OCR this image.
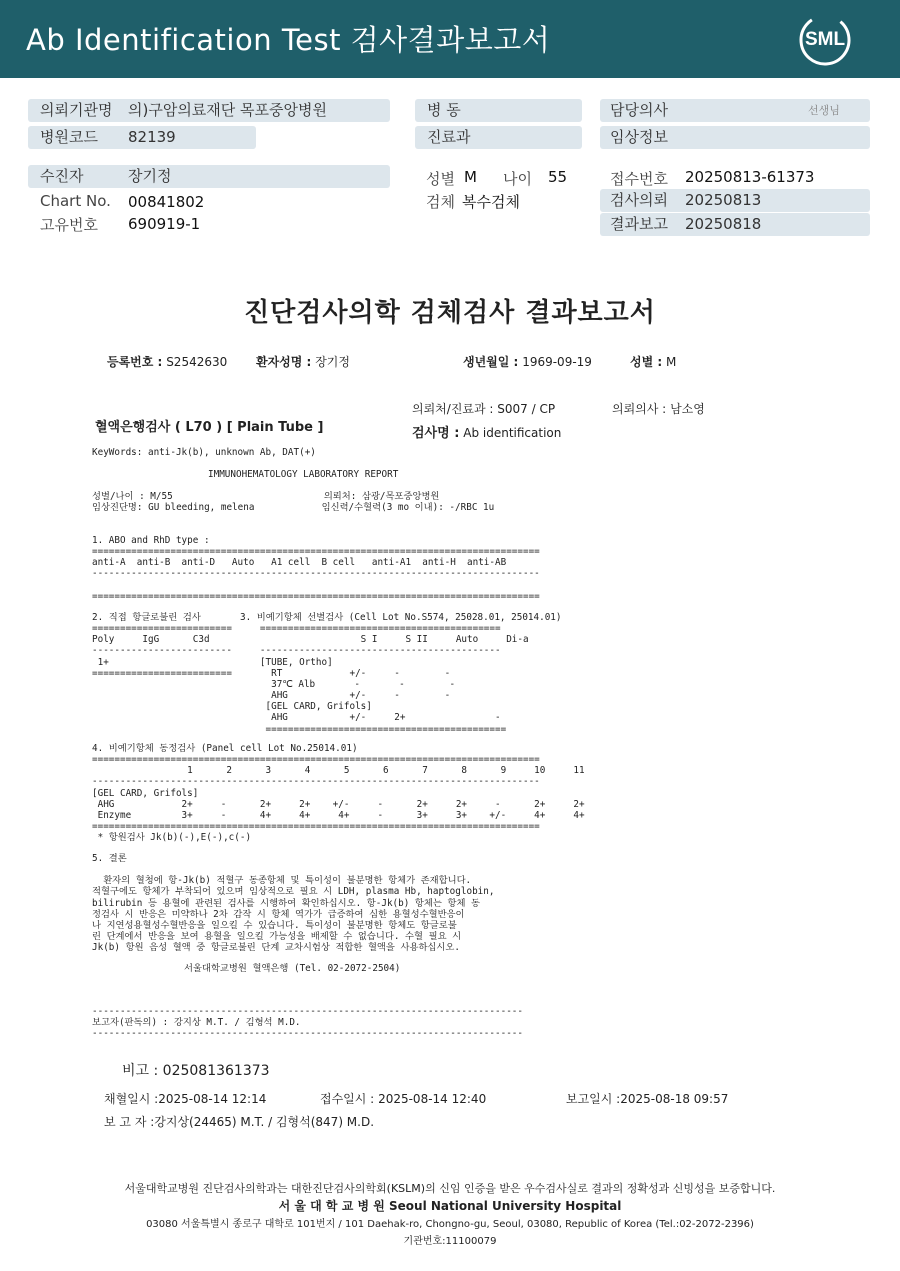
Ab Identification Test 검사결과보고서	SML
의뢰기관명 의)구암의료재단 목포중앙병원	병 동	담당의사	선생님
병원코드 82139	진료과	임상정보
수진자	장기정	성별 M 나이 55	접수번호 20250813-61373
Chart No. 00841802	검체 복수검체	검사의뢰 20250813
고유번호 690919-1	결과보고 20250818
진단검사의학 검체검사 결과보고서
등록번호 : S2542630 환자성명 : 장기정	생년월일 : 1969-09-19	성별 : M
의뢰처/진료과 : S007 / CP	의뢰의사 : 남소영
혈액은행검사 ( L70 ) [ Plain Tube ]	검사명 : Ab identification
KeyWords: anti-Jk(b), unknown Ab, DAT(+)
IMMUNOHEMATOLOGY LABORATORY REPORT
성별/나이 : M/55                           의뢰처: 삼광/목포중앙병원
임상진단명: GU bleeding, melena            임신력/수혈력(3 mo 이내): -/RBC 1u
1. ABO and RhD type :
================================================================================
anti-A  anti-B  anti-D   Auto   A1 cell  B cell   anti-A1  anti-H  anti-AB
--------------------------------------------------------------------------------

================================================================================
2. 직접 항글로불린 검사       3. 비예기항체 선별검사 (Cell Lot No.S574, 25028.01, 25014.01)
=========================     ===========================================
Poly     IgG      C3d                           S I     S II     Auto     Di-a
-------------------------     -------------------------------------------
1+                           [TUBE, Ortho]
=========================       RT            +/-     -        -
37℃ Alb       -       -        -
AHG           +/-     -        -
[GEL CARD, Grifols]
AHG           +/-     2+                -
===========================================
4. 비예기항체 동정검사 (Panel cell Lot No.25014.01)
================================================================================
1      2      3      4      5      6      7      8      9     10     11
--------------------------------------------------------------------------------
[GEL CARD, Grifols]
AHG            2+     -      2+     2+    +/-     -      2+     2+     -      2+     2+
Enzyme         3+     -      4+     4+     4+     -      3+     3+    +/-     4+     4+
================================================================================
* 항원검사 Jk(b)(-),E(-),c(-)
5. 결론

환자의 혈청에 항-Jk(b) 적혈구 동종항체 및 특이성이 불분명한 항체가 존재합니다.
적혈구에도 항체가 부착되어 있으며 임상적으로 필요 시 LDH, plasma Hb, haptoglobin,
bilirubin 등 용혈에 관련된 검사를 시행하여 확인하십시오. 항-Jk(b) 항체는 항체 동
정검사 시 반응은 미약하나 2차 감작 시 항체 역가가 급증하여 심한 용혈성수혈반응이
나 지연성용혈성수혈반응을 일으킬 수 있습니다. 특이성이 불분명한 항체도 항글로불
린 단계에서 반응을 보여 용혈을 일으킬 가능성을 배제할 수 없습니다. 수혈 필요 시
Jk(b) 항원 음성 혈액 중 항글로불린 단계 교차시험상 적합한 혈액을 사용하십시오.
서울대학교병원 혈액은행 (Tel. 02-2072-2504)
-----------------------------------------------------------------------------
보고자(판독의) : 강지상 M.T. / 김형석 M.D.
-----------------------------------------------------------------------------
비고 : 025081361373
채혈일시 :2025-08-14 12:14	접수일시 : 2025-08-14 12:40	보고일시 :2025-08-18 09:57
보 고 자 :강지상(24465) M.T. / 김형석(847) M.D.
서울대학교병원 진단검사의학과는 대한진단검사의학회(KSLM)의 신임 인증을 받은 우수검사실로 결과의 정확성과 신빙성을 보증합니다.
서 울 대 학 교 병 원 Seoul National University Hospital
03080 서울특별시 종로구 대학로 101번지 / 101 Daehak-ro, Chongno-gu, Seoul, 03080, Republic of Korea (Tel.:02-2072-2396)
기관번호:11100079
